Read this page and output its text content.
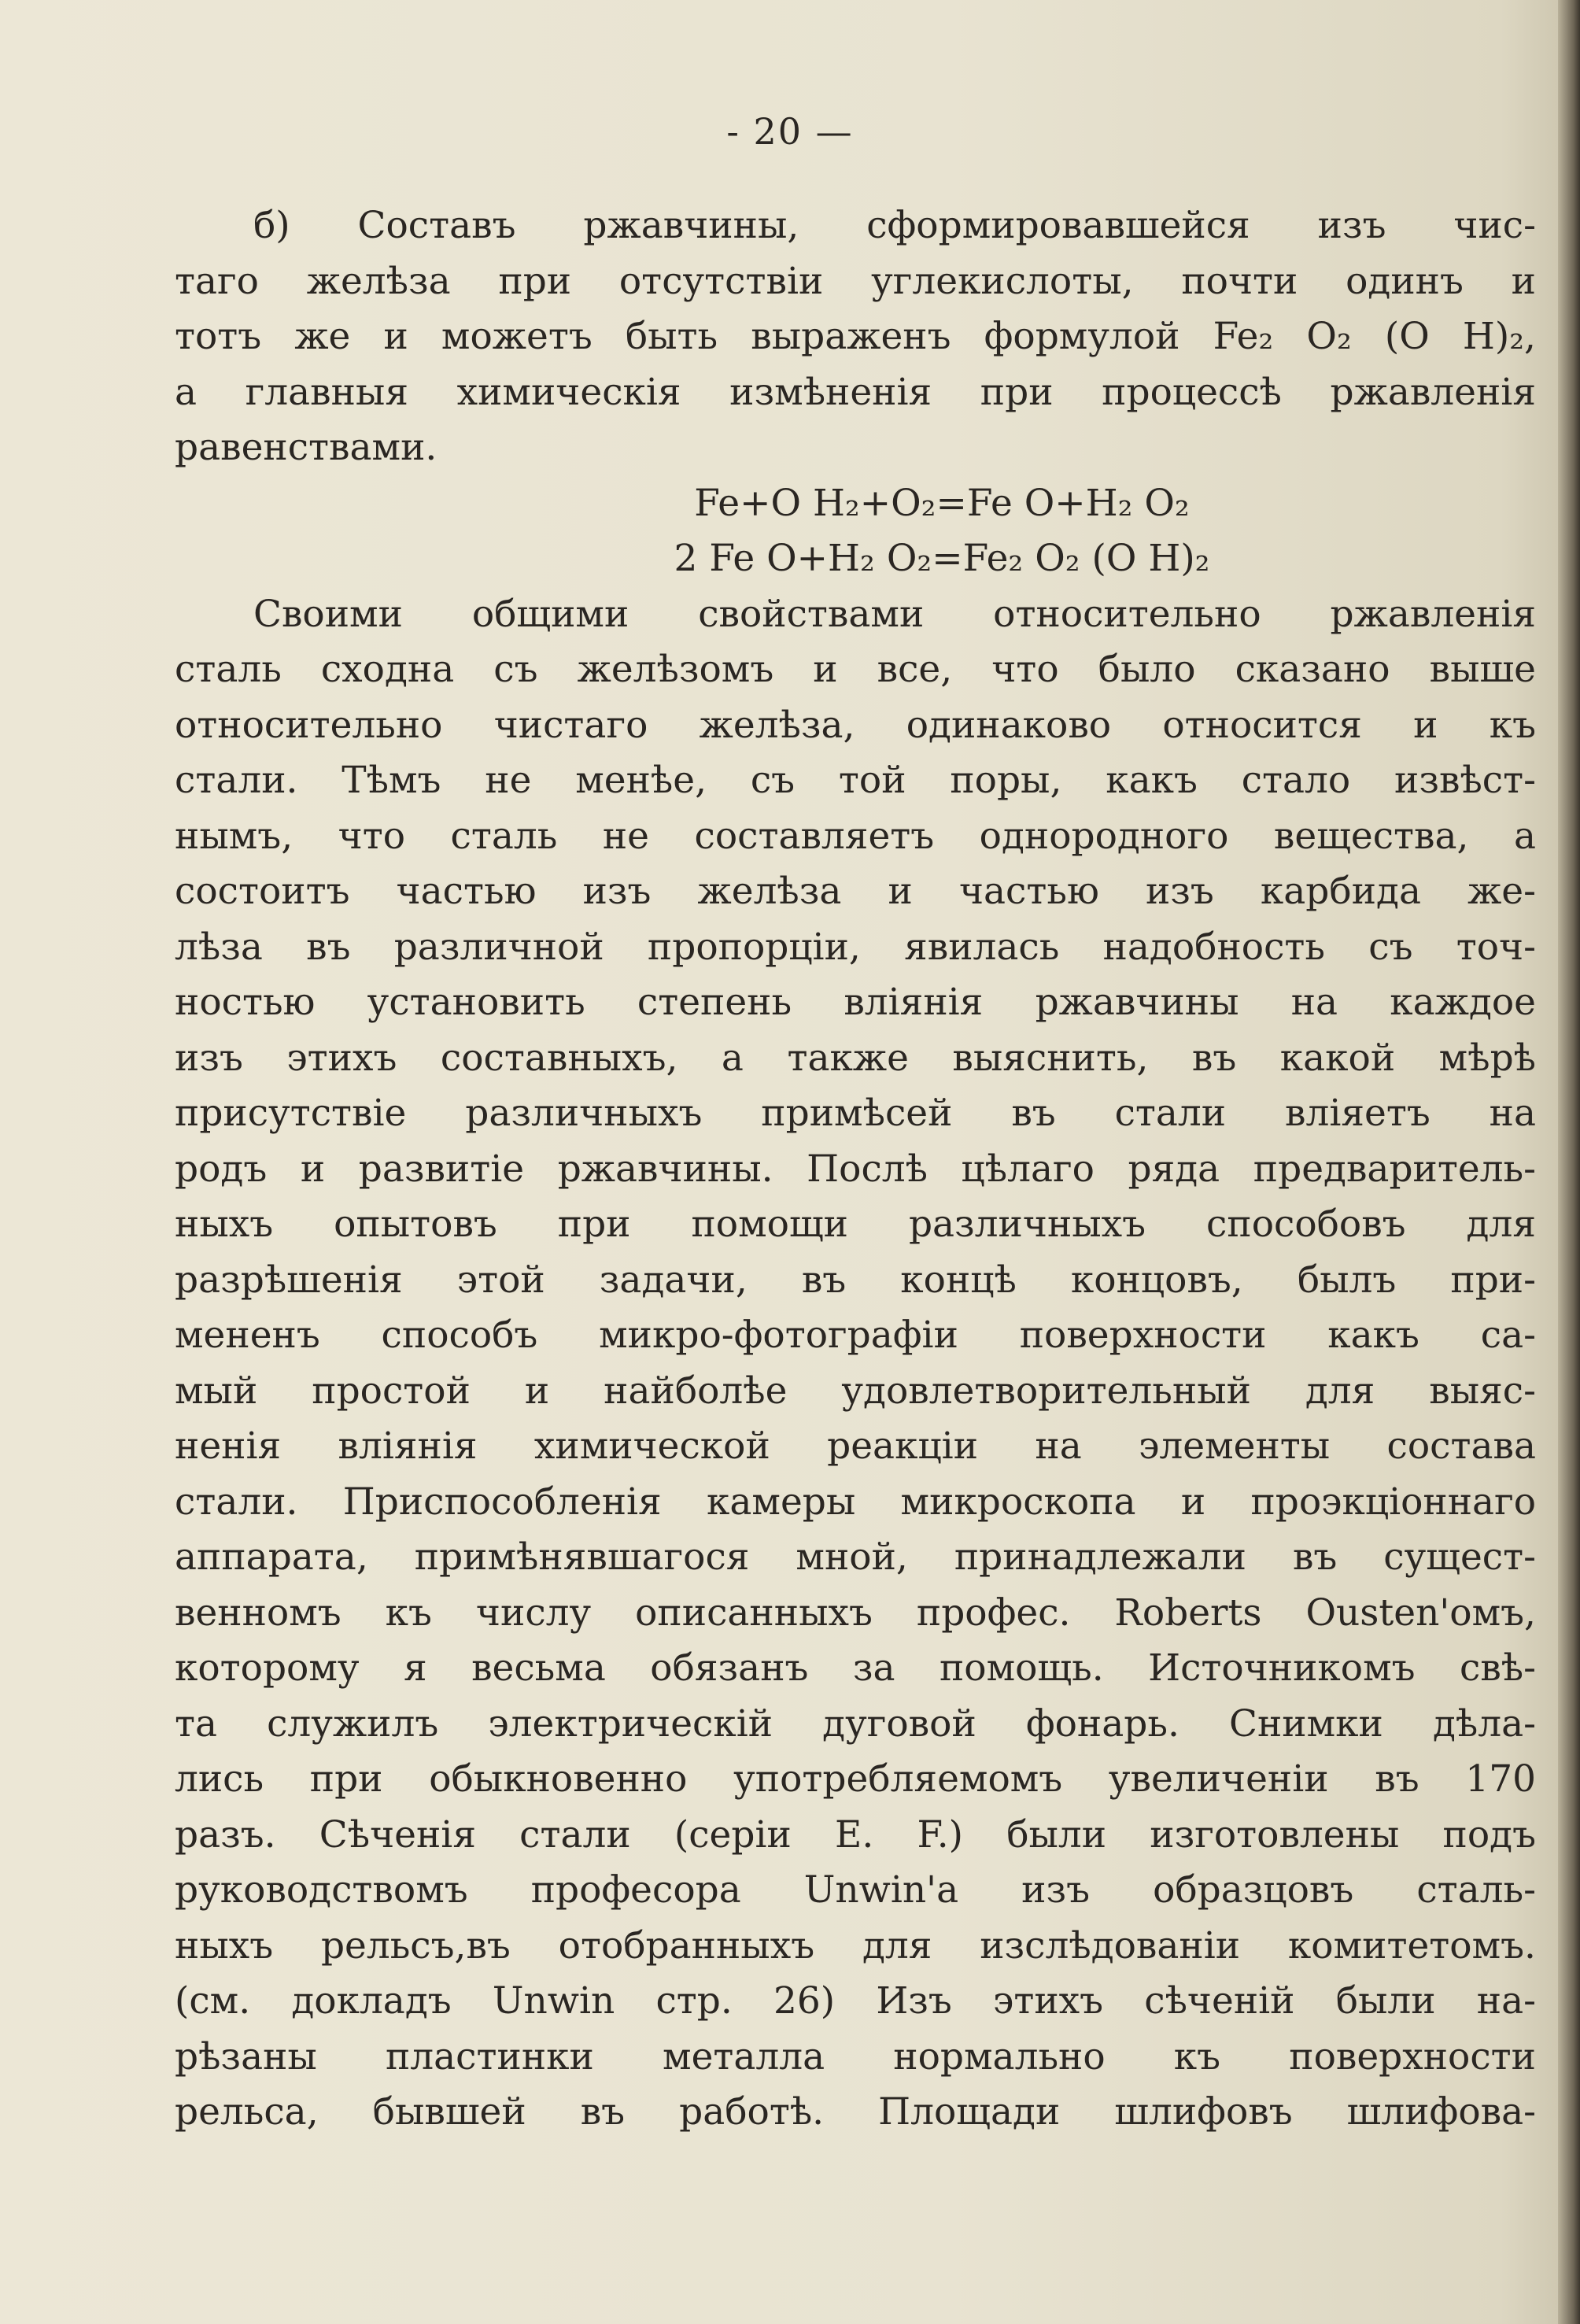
- 20 —
б) Составъ ржавчины, сформировавшейся изъ чис-
таго желѣза при отсутствіи углекислоты, почти одинъ и
тотъ же и можетъ быть выраженъ формулой Fe₂ O₂ (O H)₂,
а главныя химическія измѣненія при процессѣ ржавленія
равенствами.
Fe+O H₂+O₂=Fe O+H₂ O₂
2 Fe O+H₂ O₂=Fe₂ O₂ (O H)₂
Своими общими свойствами относительно ржавленія
сталь сходна съ желѣзомъ и все, что было сказано выше
относительно чистаго желѣза, одинаково относится и къ
стали. Тѣмъ не менѣе, съ той поры, какъ стало извѣст-
нымъ, что сталь не составляетъ однородного вещества, а
состоитъ частью изъ желѣза и частью изъ карбида же-
лѣза въ различной пропорціи, явилась надобность съ точ-
ностью установить степень вліянія ржавчины на каждое
изъ этихъ составныхъ, а также выяснить, въ какой мѣрѣ
присутствіе различныхъ примѣсей въ стали вліяетъ на
родъ и развитіе ржавчины. Послѣ цѣлаго ряда предваритель-
ныхъ опытовъ при помощи различныхъ способовъ для
разрѣшенія этой задачи, въ концѣ концовъ, былъ при-
мененъ способъ микро-фотографіи поверхности какъ са-
мый простой и найболѣе удовлетворительный для выяс-
ненія вліянія химической реакціи на элементы состава
стали. Приспособленія камеры микроскопа и проэкціоннаго
аппарата, примѣнявшагося мной, принадлежали въ сущест-
венномъ къ числу описанныхъ профес. Roberts Ousten'омъ,
которому я весьма обязанъ за помощь. Источникомъ свѣ-
та служилъ электрическій дуговой фонарь. Снимки дѣла-
лись при обыкновенно употребляемомъ увеличеніи въ 170
разъ. Сѣченія стали (серіи E. F.) были изготовлены подъ
руководствомъ професора Unwin'а изъ образцовъ сталь-
ныхъ рельсъ,въ отобранныхъ для изслѣдованіи комитетомъ.
(см. докладъ Unwin стр. 26) Изъ этихъ сѣченій были на-
рѣзаны пластинки металла нормально къ поверхности
рельса, бывшей въ работѣ. Площади шлифовъ шлифова-
